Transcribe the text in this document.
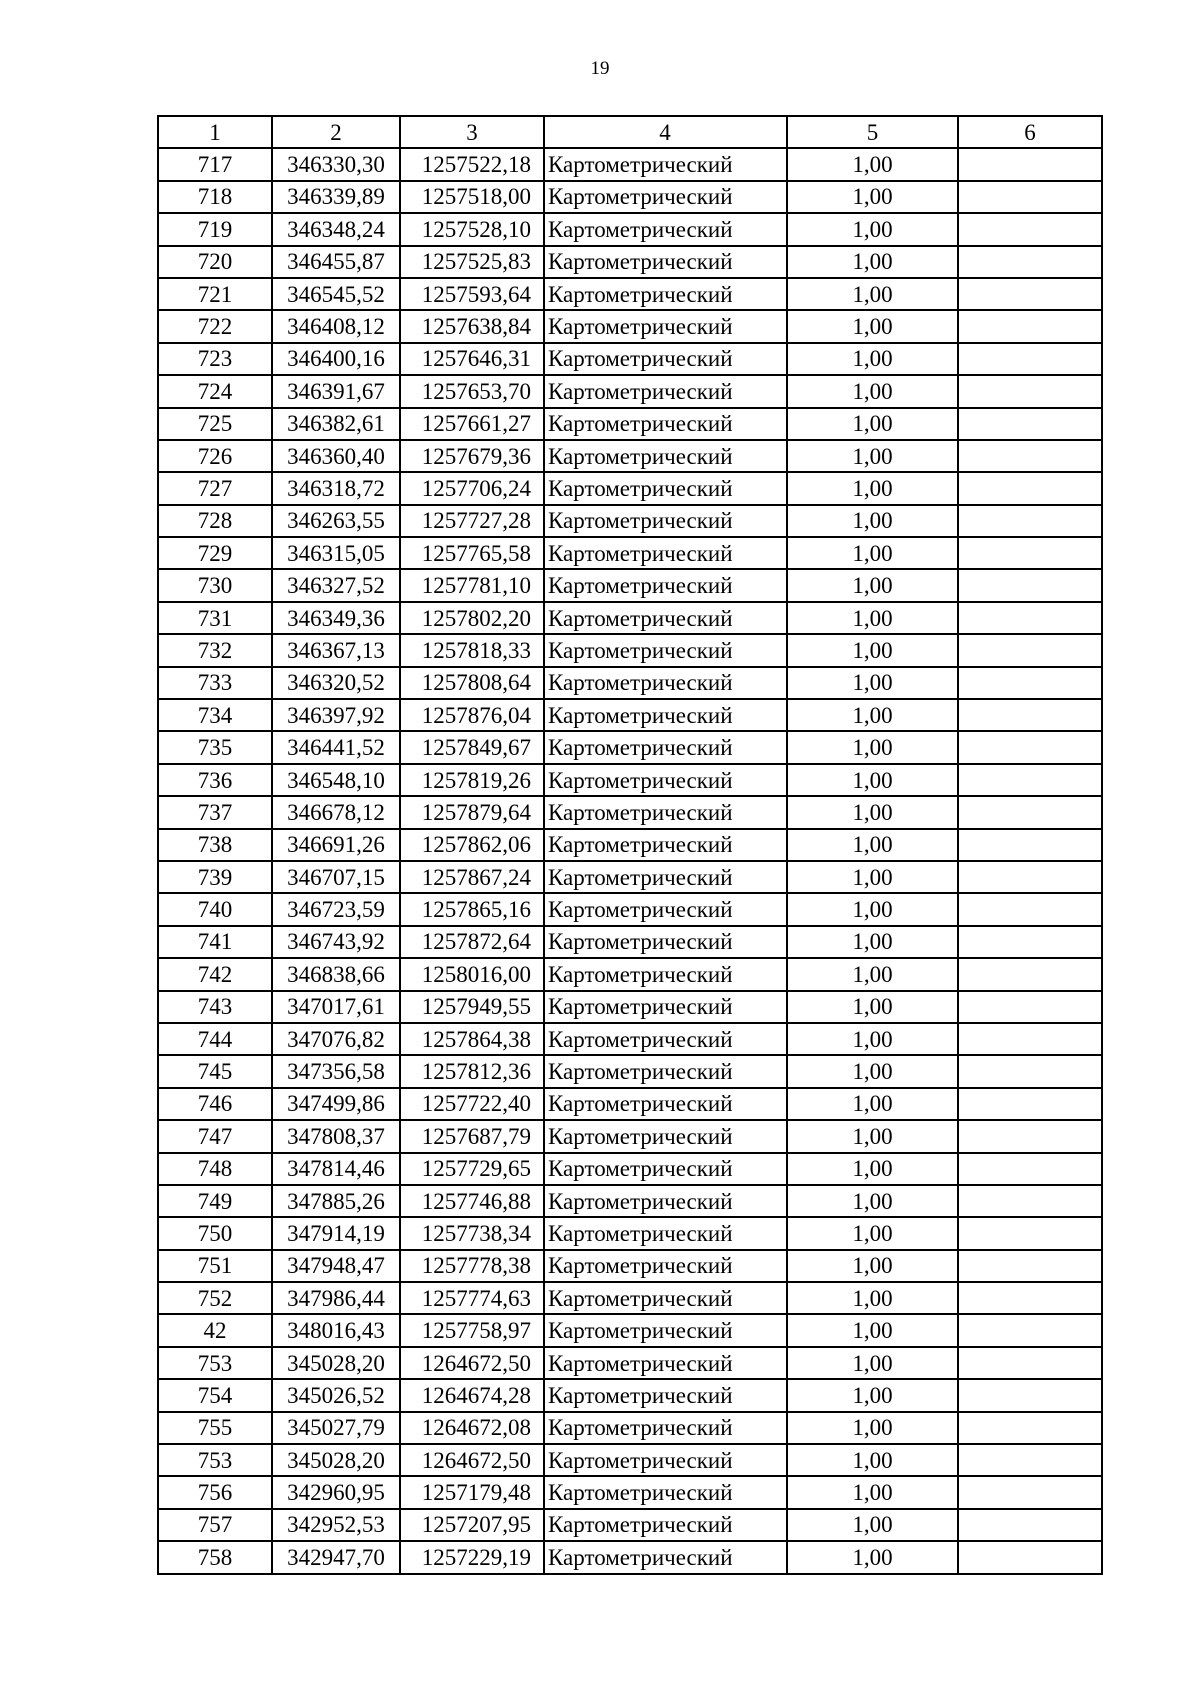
19
1	2	3	4	5	6
717	346330,30	1257522,18	Картометрический	1,00	
718	346339,89	1257518,00	Картометрический	1,00	
719	346348,24	1257528,10	Картометрический	1,00	
720	346455,87	1257525,83	Картометрический	1,00	
721	346545,52	1257593,64	Картометрический	1,00	
722	346408,12	1257638,84	Картометрический	1,00	
723	346400,16	1257646,31	Картометрический	1,00	
724	346391,67	1257653,70	Картометрический	1,00	
725	346382,61	1257661,27	Картометрический	1,00	
726	346360,40	1257679,36	Картометрический	1,00	
727	346318,72	1257706,24	Картометрический	1,00	
728	346263,55	1257727,28	Картометрический	1,00	
729	346315,05	1257765,58	Картометрический	1,00	
730	346327,52	1257781,10	Картометрический	1,00	
731	346349,36	1257802,20	Картометрический	1,00	
732	346367,13	1257818,33	Картометрический	1,00	
733	346320,52	1257808,64	Картометрический	1,00	
734	346397,92	1257876,04	Картометрический	1,00	
735	346441,52	1257849,67	Картометрический	1,00	
736	346548,10	1257819,26	Картометрический	1,00	
737	346678,12	1257879,64	Картометрический	1,00	
738	346691,26	1257862,06	Картометрический	1,00	
739	346707,15	1257867,24	Картометрический	1,00	
740	346723,59	1257865,16	Картометрический	1,00	
741	346743,92	1257872,64	Картометрический	1,00	
742	346838,66	1258016,00	Картометрический	1,00	
743	347017,61	1257949,55	Картометрический	1,00	
744	347076,82	1257864,38	Картометрический	1,00	
745	347356,58	1257812,36	Картометрический	1,00	
746	347499,86	1257722,40	Картометрический	1,00	
747	347808,37	1257687,79	Картометрический	1,00	
748	347814,46	1257729,65	Картометрический	1,00	
749	347885,26	1257746,88	Картометрический	1,00	
750	347914,19	1257738,34	Картометрический	1,00	
751	347948,47	1257778,38	Картометрический	1,00	
752	347986,44	1257774,63	Картометрический	1,00	
42	348016,43	1257758,97	Картометрический	1,00	
753	345028,20	1264672,50	Картометрический	1,00	
754	345026,52	1264674,28	Картометрический	1,00	
755	345027,79	1264672,08	Картометрический	1,00	
753	345028,20	1264672,50	Картометрический	1,00	
756	342960,95	1257179,48	Картометрический	1,00	
757	342952,53	1257207,95	Картометрический	1,00	
758	342947,70	1257229,19	Картометрический	1,00	
